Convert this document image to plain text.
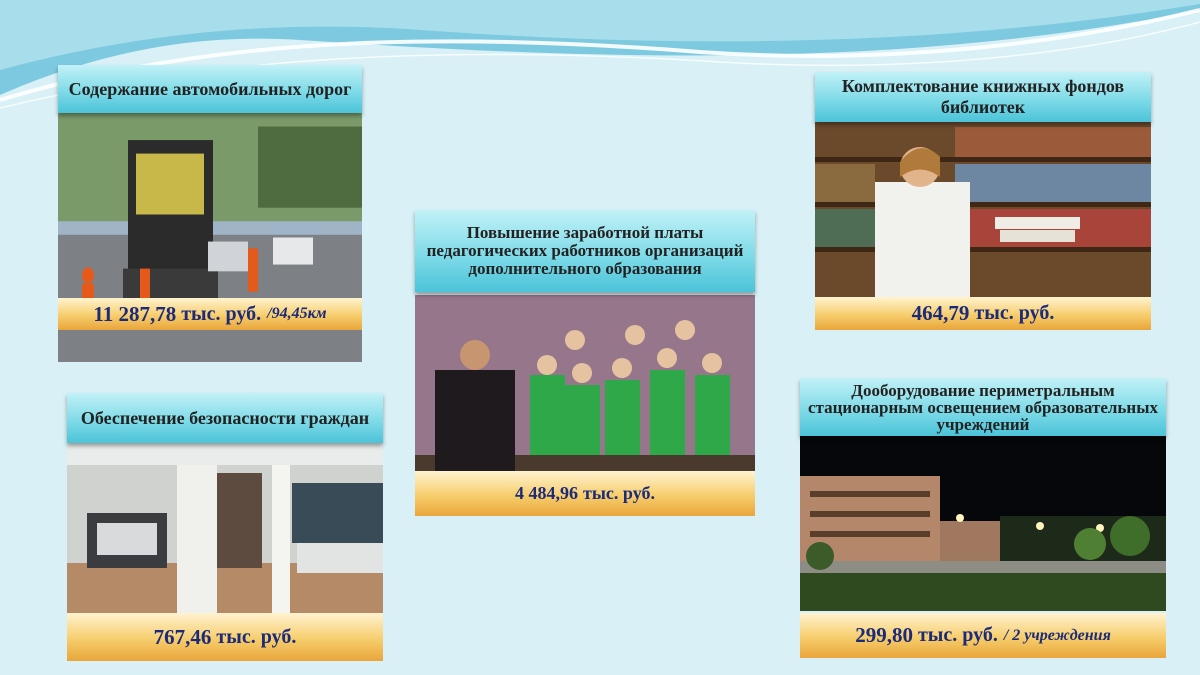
Содержание автомобильных дорог
11 287,78 тыс. руб. /94,45км
Обеспечение безопасности граждан
767,46 тыс. руб.
Повышение заработной платы педагогических работников организаций дополнительного образования
4 484,96 тыс. руб.
Комплектование книжных фондов библиотек
464,79 тыс. руб.
Дооборудование периметральным стационарным освещением образовательных учреждений
299,80 тыс. руб. / 2 учреждения
